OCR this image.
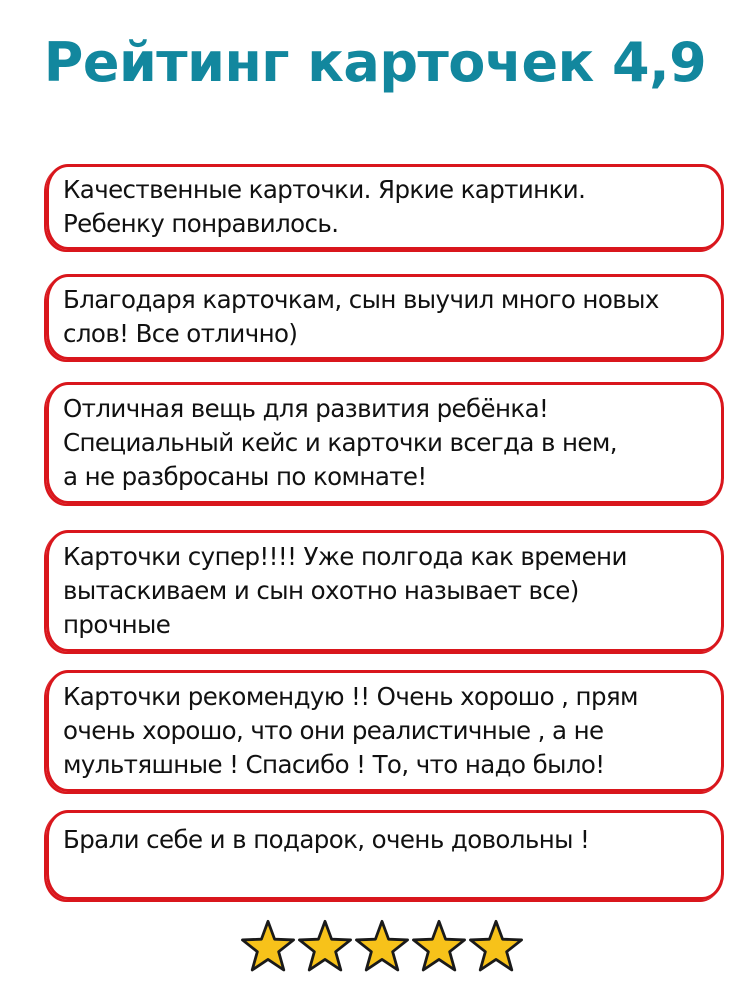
Рейтинг карточек 4,9
Качественные карточки. Яркие картинки.
Ребенку понравилось.
Благодаря карточкам, сын выучил много новых
слов! Все отлично)
Отличная вещь для развития ребёнка!
Специальный кейс и карточки всегда в нем,
а не разбросаны по комнате!
Карточки супер!!!! Уже полгода как времени
вытаскиваем и сын охотно называет все)
прочные
Карточки рекомендую !! Очень хорошо , прям
очень хорошо, что они реалистичные , а не
мультяшные ! Спасибо ! То, что надо было!
Брали себе и в подарок, очень довольны !
